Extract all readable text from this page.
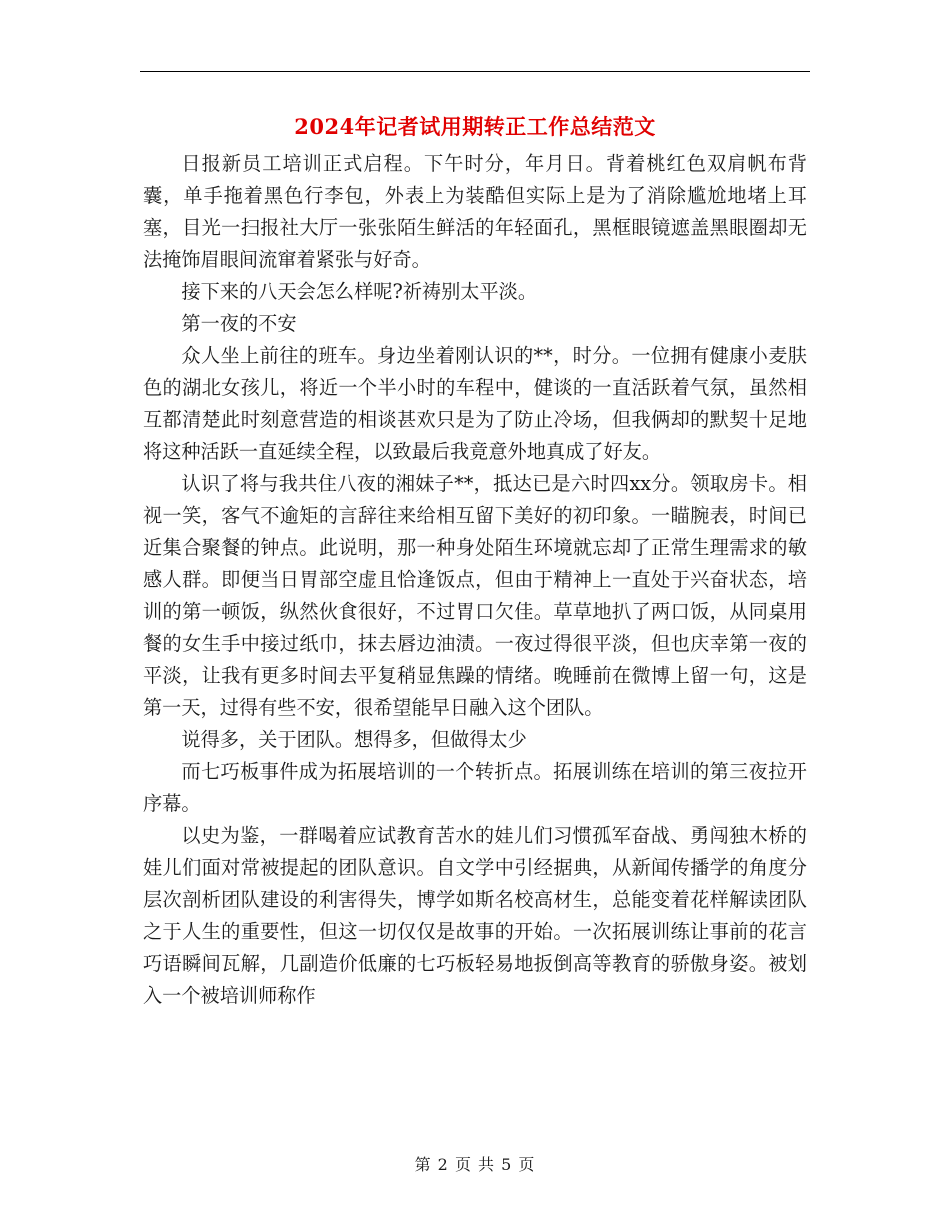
2024年记者试用期转正工作总结范文

日报新员工培训正式启程。下午时分，年月日。背着桃红色双肩帆布背囊，单手拖着黑色行李包，外表上为装酷但实际上是为了消除尴尬地堵上耳塞，目光一扫报社大厅一张张陌生鲜活的年轻面孔，黑框眼镜遮盖黑眼圈却无法掩饰眉眼间流窜着紧张与好奇。

接下来的八天会怎么样呢?祈祷别太平淡。

第一夜的不安

众人坐上前往的班车。身边坐着刚认识的**，时分。一位拥有健康小麦肤色的湖北女孩儿，将近一个半小时的车程中，健谈的一直活跃着气氛，虽然相互都清楚此时刻意营造的相谈甚欢只是为了防止冷场，但我俩却的默契十足地将这种活跃一直延续全程，以致最后我竟意外地真成了好友。

认识了将与我共住八夜的湘妹子**，抵达已是六时四xx分。领取房卡。相视一笑，客气不逾矩的言辞往来给相互留下美好的初印象。一瞄腕表，时间已近集合聚餐的钟点。此说明，那一种身处陌生环境就忘却了正常生理需求的敏感人群。即便当日胃部空虚且恰逢饭点，但由于精神上一直处于兴奋状态，培训的第一顿饭，纵然伙食很好，不过胃口欠佳。草草地扒了两口饭，从同桌用餐的女生手中接过纸巾，抹去唇边油渍。一夜过得很平淡，但也庆幸第一夜的平淡，让我有更多时间去平复稍显焦躁的情绪。晚睡前在微博上留一句，这是第一天，过得有些不安，很希望能早日融入这个团队。

说得多，关于团队。想得多，但做得太少

而七巧板事件成为拓展培训的一个转折点。拓展训练在培训的第三夜拉开序幕。

以史为鉴，一群喝着应试教育苦水的娃儿们习惯孤军奋战、勇闯独木桥的娃儿们面对常被提起的团队意识。自文学中引经据典，从新闻传播学的角度分层次剖析团队建设的利害得失，博学如斯名校高材生，总能变着花样解读团队之于人生的重要性，但这一切仅仅是故事的开始。一次拓展训练让事前的花言巧语瞬间瓦解，几副造价低廉的七巧板轻易地扳倒高等教育的骄傲身姿。被划入一个被培训师称作

第 2 页 共 5 页
